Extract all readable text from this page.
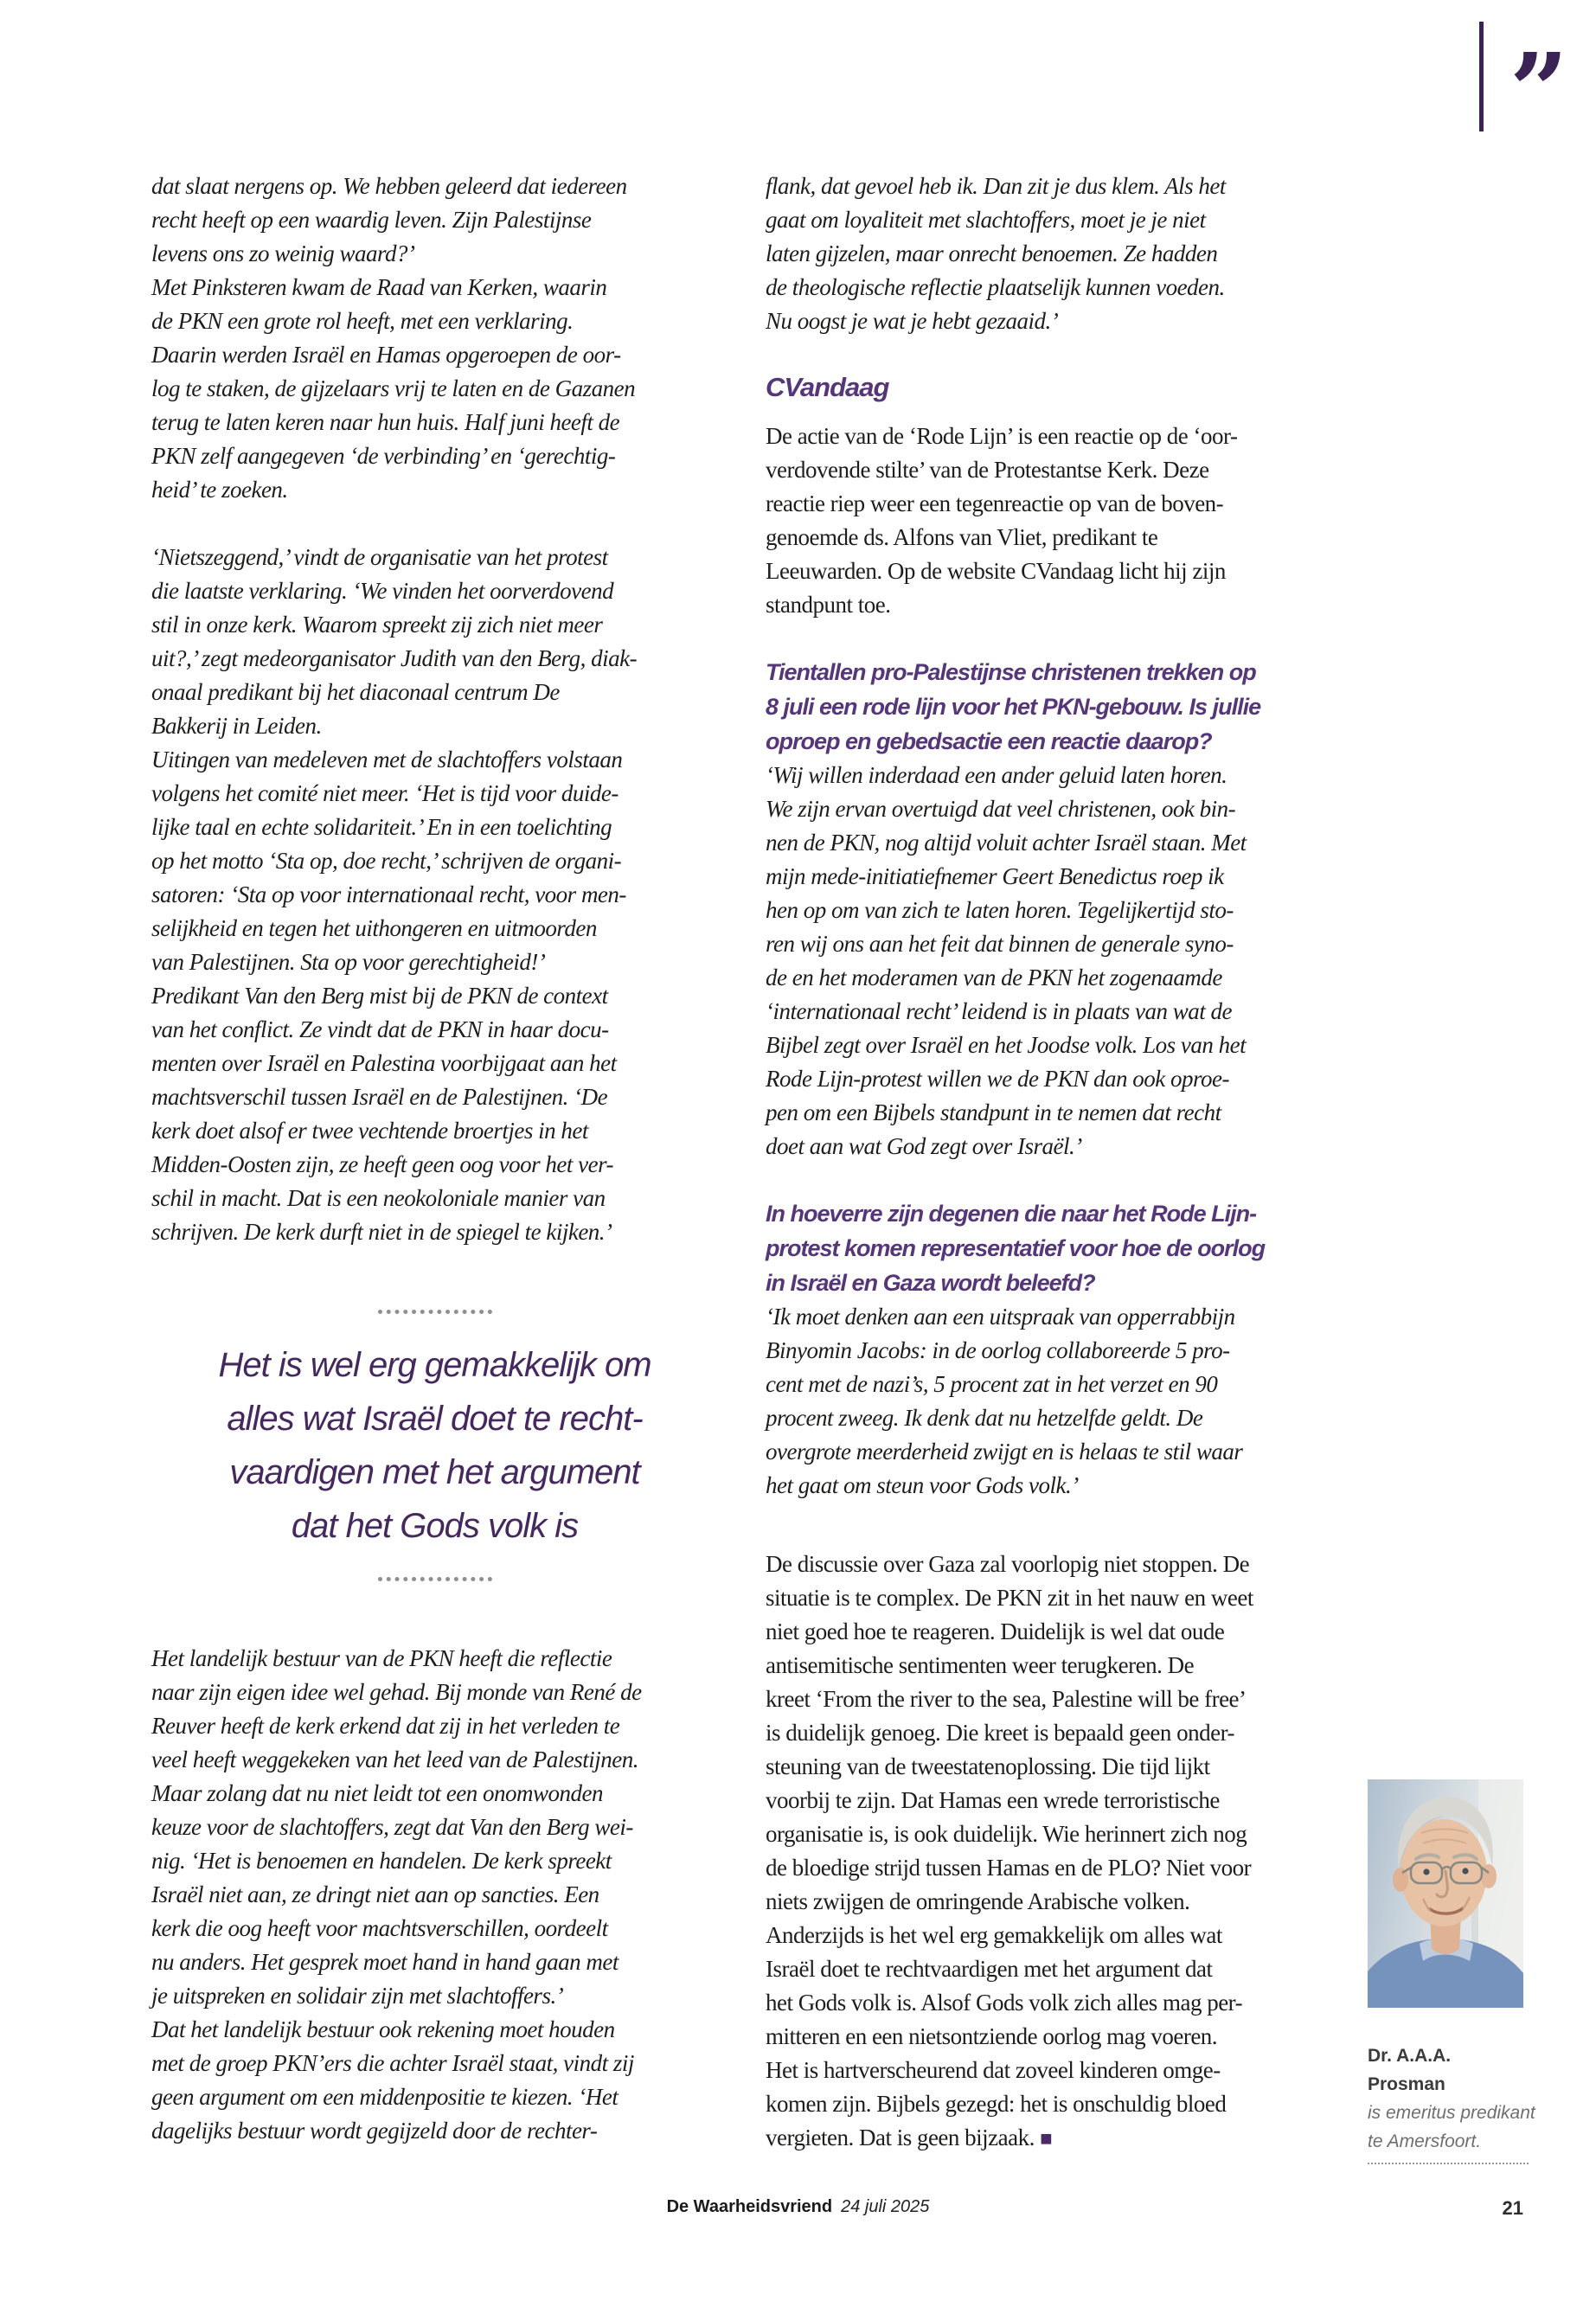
”
dat slaat nergens op. We hebben geleerd dat iedereen
recht heeft op een waardig leven. Zijn Palestijnse
levens ons zo weinig waard?’
Met Pinksteren kwam de Raad van Kerken, waarin
de PKN een grote rol heeft, met een verklaring.
Daarin werden Israël en Hamas opgeroepen de oor-
log te staken, de gijzelaars vrij te laten en de Gazanen
terug te laten keren naar hun huis. Half juni heeft de
PKN zelf aangegeven ‘de verbinding’ en ‘gerechtig-
heid’ te zoeken.
‘Nietszeggend,’ vindt de organisatie van het protest
die laatste verklaring. ‘We vinden het oorverdovend
stil in onze kerk. Waarom spreekt zij zich niet meer
uit?,’ zegt medeorganisator Judith van den Berg, diak-
onaal predikant bij het diaconaal centrum De
Bakkerij in Leiden.
Uitingen van medeleven met de slachtoffers volstaan
volgens het comité niet meer. ‘Het is tijd voor duide-
lijke taal en echte solidariteit.’ En in een toelichting
op het motto ‘Sta op, doe recht,’ schrijven de organi-
satoren: ‘Sta op voor internationaal recht, voor men-
selijkheid en tegen het uithongeren en uitmoorden
van Palestijnen. Sta op voor gerechtigheid!’
Predikant Van den Berg mist bij de PKN de context
van het conflict. Ze vindt dat de PKN in haar docu-
menten over Israël en Palestina voorbijgaat aan het
machtsverschil tussen Israël en de Palestijnen. ‘De
kerk doet alsof er twee vechtende broertjes in het
Midden-Oosten zijn, ze heeft geen oog voor het ver-
schil in macht. Dat is een neokoloniale manier van
schrijven. De kerk durft niet in de spiegel te kijken.’
Het is wel erg gemakkelijk om
alles wat Israël doet te recht-
vaardigen met het argument
dat het Gods volk is
Het landelijk bestuur van de PKN heeft die reflectie
naar zijn eigen idee wel gehad. Bij monde van René de
Reuver heeft de kerk erkend dat zij in het verleden te
veel heeft weggekeken van het leed van de Palestijnen.
Maar zolang dat nu niet leidt tot een onomwonden
keuze voor de slachtoffers, zegt dat Van den Berg wei-
nig. ‘Het is benoemen en handelen. De kerk spreekt
Israël niet aan, ze dringt niet aan op sancties. Een
kerk die oog heeft voor machtsverschillen, oordeelt
nu anders. Het gesprek moet hand in hand gaan met
je uitspreken en solidair zijn met slachtoffers.’
Dat het landelijk bestuur ook rekening moet houden
met de groep PKN’ers die achter Israël staat, vindt zij
geen argument om een middenpositie te kiezen. ‘Het
dagelijks bestuur wordt gegijzeld door de rechter-
flank, dat gevoel heb ik. Dan zit je dus klem. Als het
gaat om loyaliteit met slachtoffers, moet je je niet
laten gijzelen, maar onrecht benoemen. Ze hadden
de theologische reflectie plaatselijk kunnen voeden.
Nu oogst je wat je hebt gezaaid.’
CVandaag
De actie van de ‘Rode Lijn’ is een reactie op de ‘oor-
verdovende stilte’ van de Protestantse Kerk. Deze
reactie riep weer een tegenreactie op van de boven-
genoemde ds. Alfons van Vliet, predikant te
Leeuwarden. Op de website CVandaag licht hij zijn
standpunt toe.
Tientallen pro-Palestijnse christenen trekken op
8 juli een rode lijn voor het PKN-gebouw. Is jullie
oproep en gebedsactie een reactie daarop?
‘Wij willen inderdaad een ander geluid laten horen.
We zijn ervan overtuigd dat veel christenen, ook bin-
nen de PKN, nog altijd voluit achter Israël staan. Met
mijn mede-initiatiefnemer Geert Benedictus roep ik
hen op om van zich te laten horen. Tegelijkertijd sto-
ren wij ons aan het feit dat binnen de generale syno-
de en het moderamen van de PKN het zogenaamde
‘internationaal recht’ leidend is in plaats van wat de
Bijbel zegt over Israël en het Joodse volk. Los van het
Rode Lijn-protest willen we de PKN dan ook oproe-
pen om een Bijbels standpunt in te nemen dat recht
doet aan wat God zegt over Israël.’
In hoeverre zijn degenen die naar het Rode Lijn-
protest komen representatief voor hoe de oorlog
in Israël en Gaza wordt beleefd?
‘Ik moet denken aan een uitspraak van opperrabbijn
Binyomin Jacobs: in de oorlog collaboreerde 5 pro-
cent met de nazi’s, 5 procent zat in het verzet en 90
procent zweeg. Ik denk dat nu hetzelfde geldt. De
overgrote meerderheid zwijgt en is helaas te stil waar
het gaat om steun voor Gods volk.’
De discussie over Gaza zal voorlopig niet stoppen. De
situatie is te complex. De PKN zit in het nauw en weet
niet goed hoe te reageren. Duidelijk is wel dat oude
antisemitische sentimenten weer terugkeren. De
kreet ‘From the river to the sea, Palestine will be free’
is duidelijk genoeg. Die kreet is bepaald geen onder-
steuning van de tweestatenoplossing. Die tijd lijkt
voorbij te zijn. Dat Hamas een wrede terroristische
organisatie is, is ook duidelijk. Wie herinnert zich nog
de bloedige strijd tussen Hamas en de PLO? Niet voor
niets zwijgen de omringende Arabische volken.
Anderzijds is het wel erg gemakkelijk om alles wat
Israël doet te rechtvaardigen met het argument dat
het Gods volk is. Alsof Gods volk zich alles mag per-
mitteren en een nietsontziende oorlog mag voeren.
Het is hartverscheurend dat zoveel kinderen omge-
komen zijn. Bijbels gezegd: het is onschuldig bloed
vergieten. Dat is geen bijzaak. ■
Dr. A.A.A. Prosman
is emeritus predikant
te Amersfoort.
De Waarheidsvriend 24 juli 2025	21
